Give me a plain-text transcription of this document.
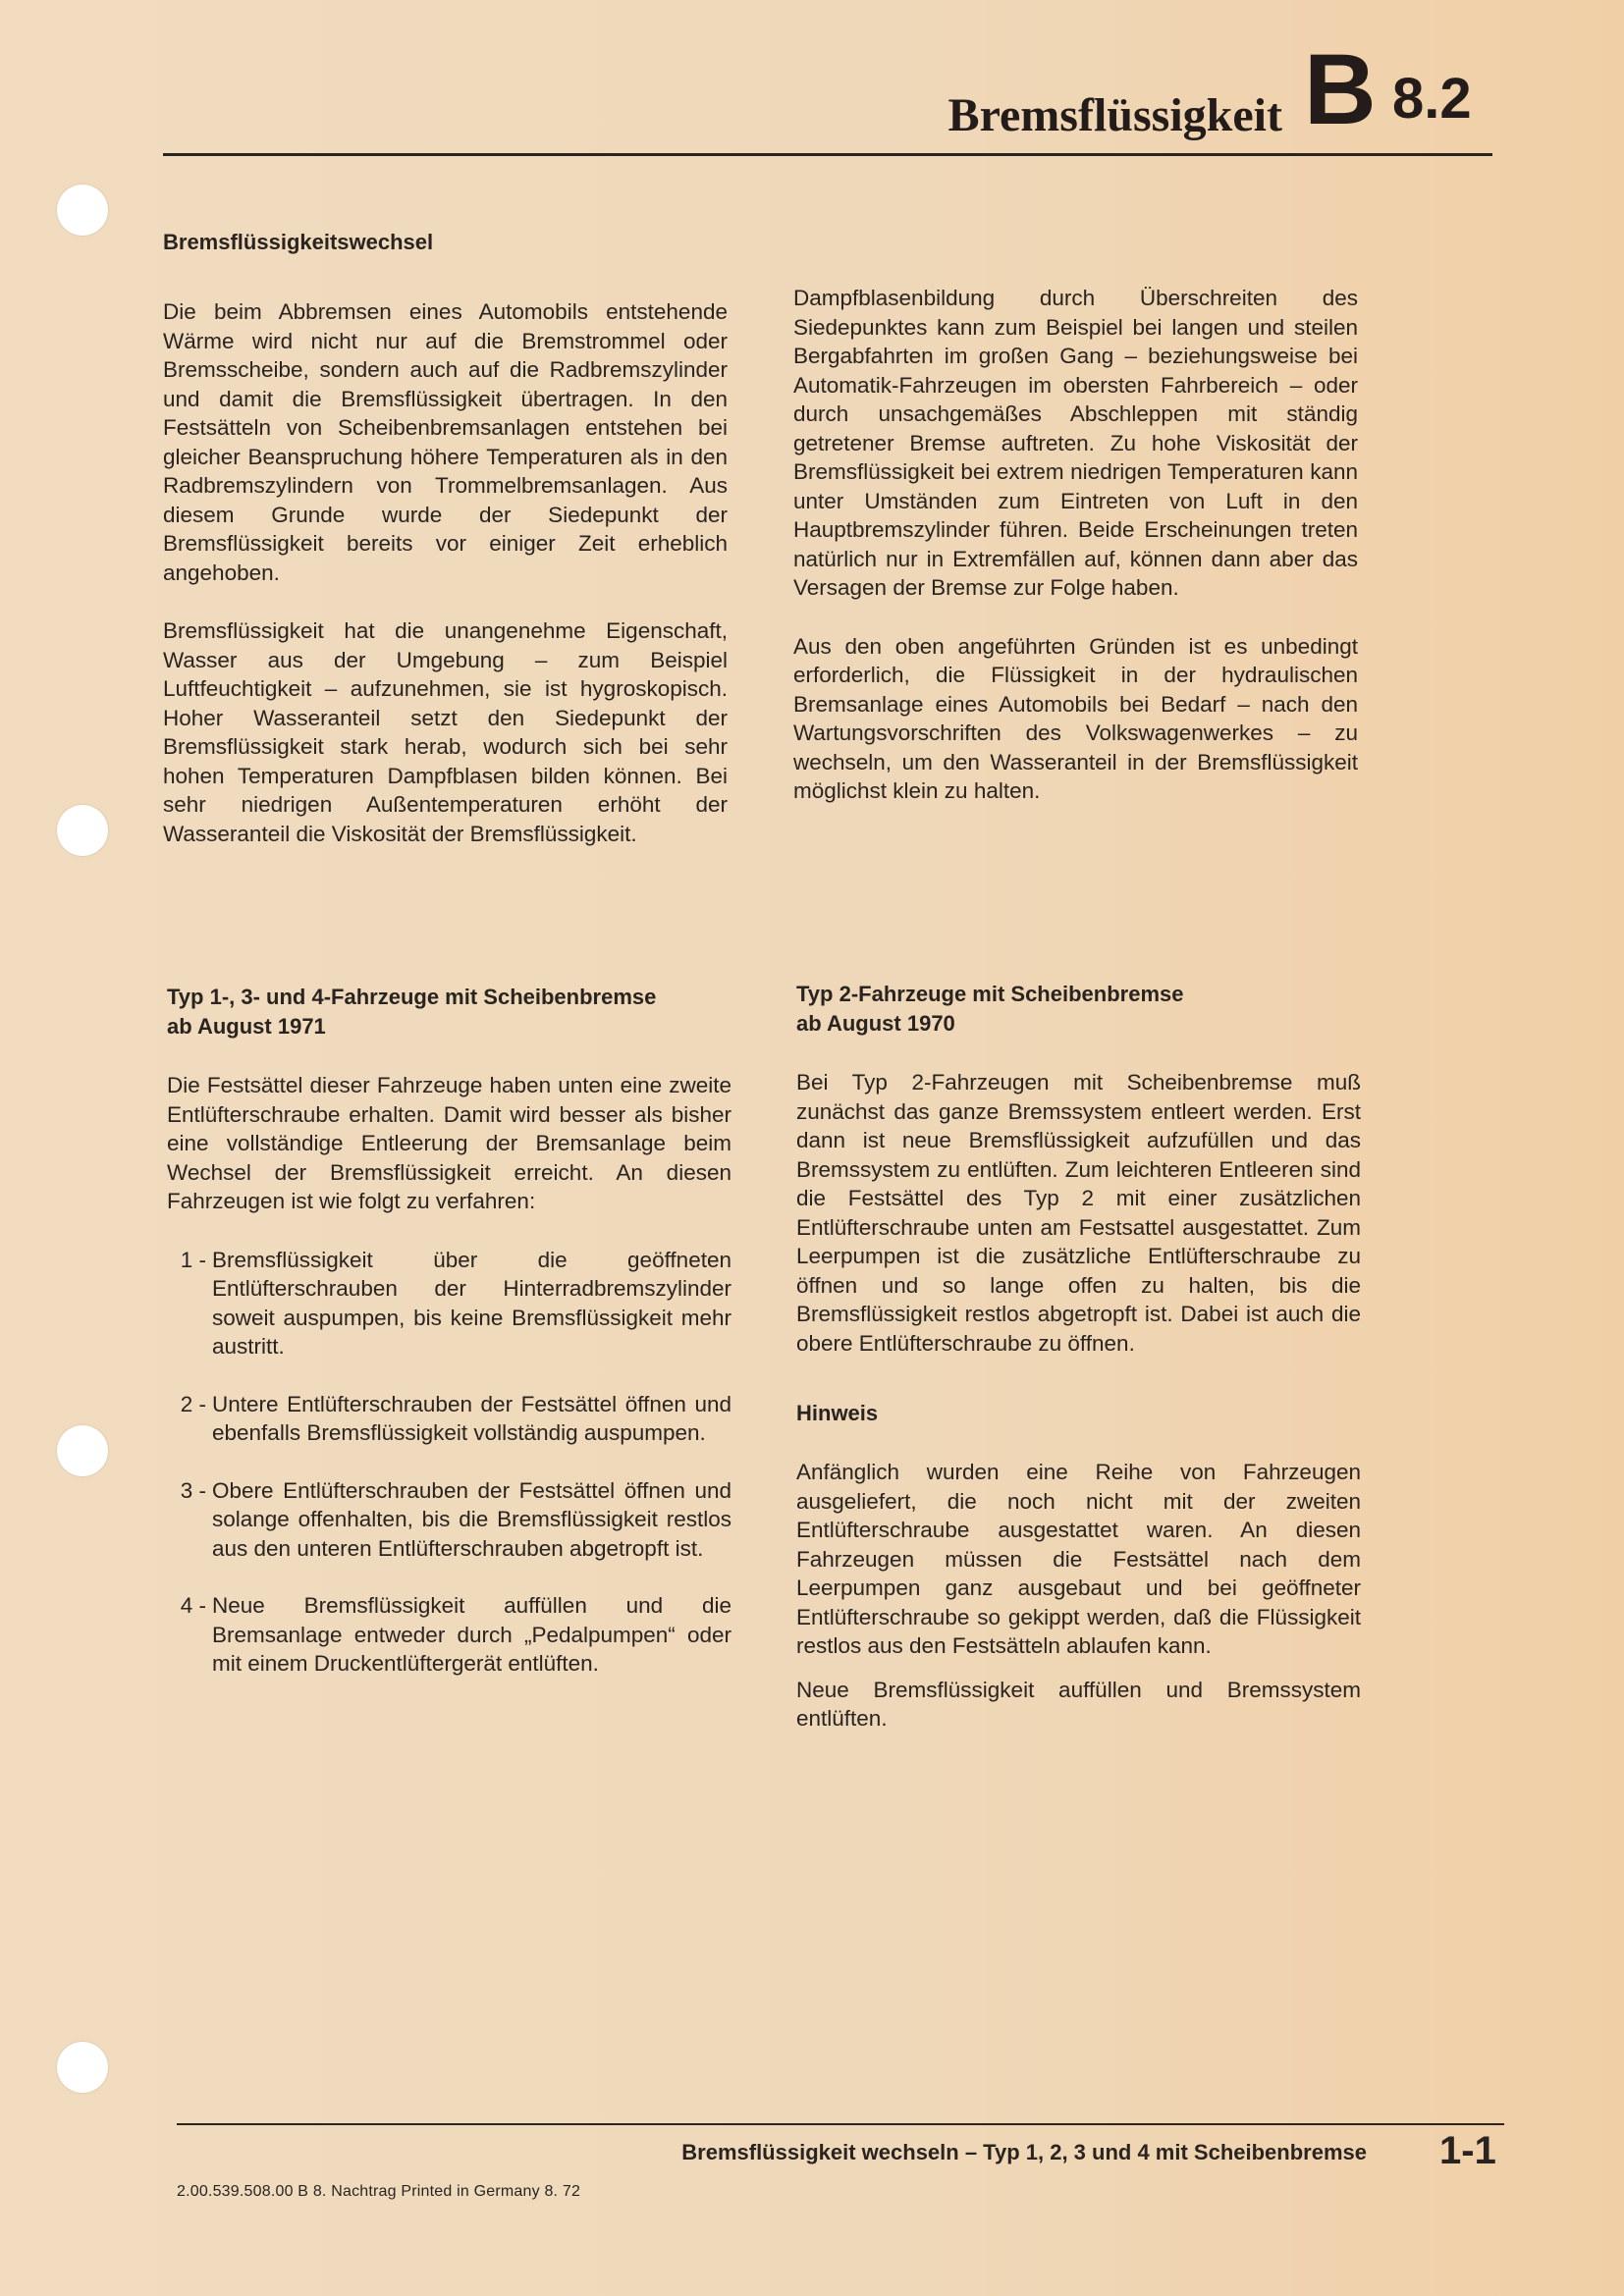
Bremsflüssigkeit B 8.2

Bremsflüssigkeitswechsel

Die beim Abbremsen eines Automobils entstehende Wärme wird nicht nur auf die Bremstrommel oder Bremsscheibe, sondern auch auf die Radbremszylinder und damit die Bremsflüssigkeit übertragen. In den Festsätteln von Scheibenbremsanlagen entstehen bei gleicher Beanspruchung höhere Temperaturen als in den Radbremszylindern von Trommelbremsanlagen. Aus diesem Grunde wurde der Siedepunkt der Bremsflüssigkeit bereits vor einiger Zeit erheblich angehoben.

Bremsflüssigkeit hat die unangenehme Eigenschaft, Wasser aus der Umgebung – zum Beispiel Luftfeuchtigkeit – aufzunehmen, sie ist hygroskopisch. Hoher Wasseranteil setzt den Siedepunkt der Bremsflüssigkeit stark herab, wodurch sich bei sehr hohen Temperaturen Dampfblasen bilden können. Bei sehr niedrigen Außentemperaturen erhöht der Wasseranteil die Viskosität der Bremsflüssigkeit.

Dampfblasenbildung durch Überschreiten des Siedepunktes kann zum Beispiel bei langen und steilen Bergabfahrten im großen Gang – beziehungsweise bei Automatik-Fahrzeugen im obersten Fahrbereich – oder durch unsachgemäßes Abschleppen mit ständig getretener Bremse auftreten. Zu hohe Viskosität der Bremsflüssigkeit bei extrem niedrigen Temperaturen kann unter Umständen zum Eintreten von Luft in den Hauptbremszylinder führen. Beide Erscheinungen treten natürlich nur in Extremfällen auf, können dann aber das Versagen der Bremse zur Folge haben.

Aus den oben angeführten Gründen ist es unbedingt erforderlich, die Flüssigkeit in der hydraulischen Bremsanlage eines Automobils bei Bedarf – nach den Wartungsvorschriften des Volkswagenwerkes – zu wechseln, um den Wasseranteil in der Bremsflüssigkeit möglichst klein zu halten.

Typ 1-, 3- und 4-Fahrzeuge mit Scheibenbremse

ab August 1971

Die Festsättel dieser Fahrzeuge haben unten eine zweite Entlüfterschraube erhalten. Damit wird besser als bisher eine vollständige Entleerung der Bremsanlage beim Wechsel der Bremsflüssigkeit erreicht. An diesen Fahrzeugen ist wie folgt zu verfahren:

1 - Bremsflüssigkeit über die geöffneten Entlüfterschrauben der Hinterradbremszylinder soweit auspumpen, bis keine Bremsflüssigkeit mehr austritt.
2 - Untere Entlüfterschrauben der Festsättel öffnen und ebenfalls Bremsflüssigkeit vollständig auspumpen.
3 - Obere Entlüfterschrauben der Festsättel öffnen und solange offenhalten, bis die Bremsflüssigkeit restlos aus den unteren Entlüfterschrauben abgetropft ist.
4 - Neue Bremsflüssigkeit auffüllen und die Bremsanlage entweder durch „Pedalpumpen“ oder mit einem Druckentlüftergerät entlüften.

Typ 2-Fahrzeuge mit Scheibenbremse

ab August 1970

Bei Typ 2-Fahrzeugen mit Scheibenbremse muß zunächst das ganze Bremssystem entleert werden. Erst dann ist neue Bremsflüssigkeit aufzufüllen und das Bremssystem zu entlüften. Zum leichteren Entleeren sind die Festsättel des Typ 2 mit einer zusätzlichen Entlüfterschraube unten am Festsattel ausgestattet. Zum Leerpumpen ist die zusätzliche Entlüfterschraube zu öffnen und so lange offen zu halten, bis die Bremsflüssigkeit restlos abgetropft ist. Dabei ist auch die obere Entlüfterschraube zu öffnen.

Hinweis

Anfänglich wurden eine Reihe von Fahrzeugen ausgeliefert, die noch nicht mit der zweiten Entlüfterschraube ausgestattet waren. An diesen Fahrzeugen müssen die Festsättel nach dem Leerpumpen ganz ausgebaut und bei geöffneter Entlüfterschraube so gekippt werden, daß die Flüssigkeit restlos aus den Festsätteln ablaufen kann.

Neue Bremsflüssigkeit auffüllen und Bremssystem entlüften.

Bremsflüssigkeit wechseln – Typ 1, 2, 3 und 4 mit Scheibenbremse 1-1
2.00.539.508.00 B 8. Nachtrag Printed in Germany 8. 72
